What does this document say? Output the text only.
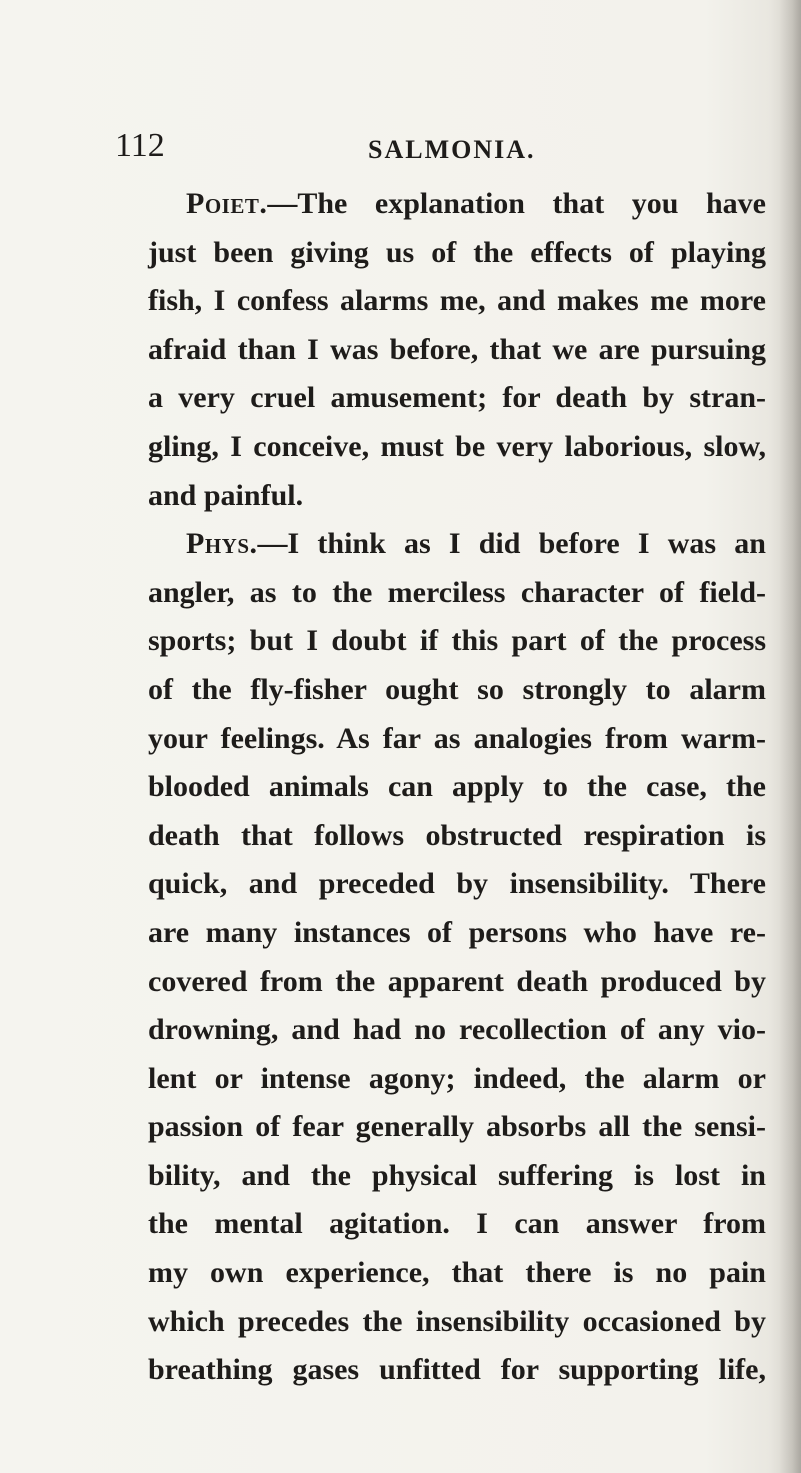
112	SALMONIA.
Poiet.—The explanation that you have
just been giving us of the effects of playing
fish, I confess alarms me, and makes me more
afraid than I was before, that we are pursuing
a very cruel amusement; for death by stran-
gling, I conceive, must be very laborious, slow,
and painful.
Phys.—I think as I did before I was an
angler, as to the merciless character of field-
sports; but I doubt if this part of the process
of the fly-fisher ought so strongly to alarm
your feelings. As far as analogies from warm-
blooded animals can apply to the case, the
death that follows obstructed respiration is
quick, and preceded by insensibility. There
are many instances of persons who have re-
covered from the apparent death produced by
drowning, and had no recollection of any vio-
lent or intense agony; indeed, the alarm or
passion of fear generally absorbs all the sensi-
bility, and the physical suffering is lost in
the mental agitation. I can answer from
my own experience, that there is no pain
which precedes the insensibility occasioned by
breathing gases unfitted for supporting life,
